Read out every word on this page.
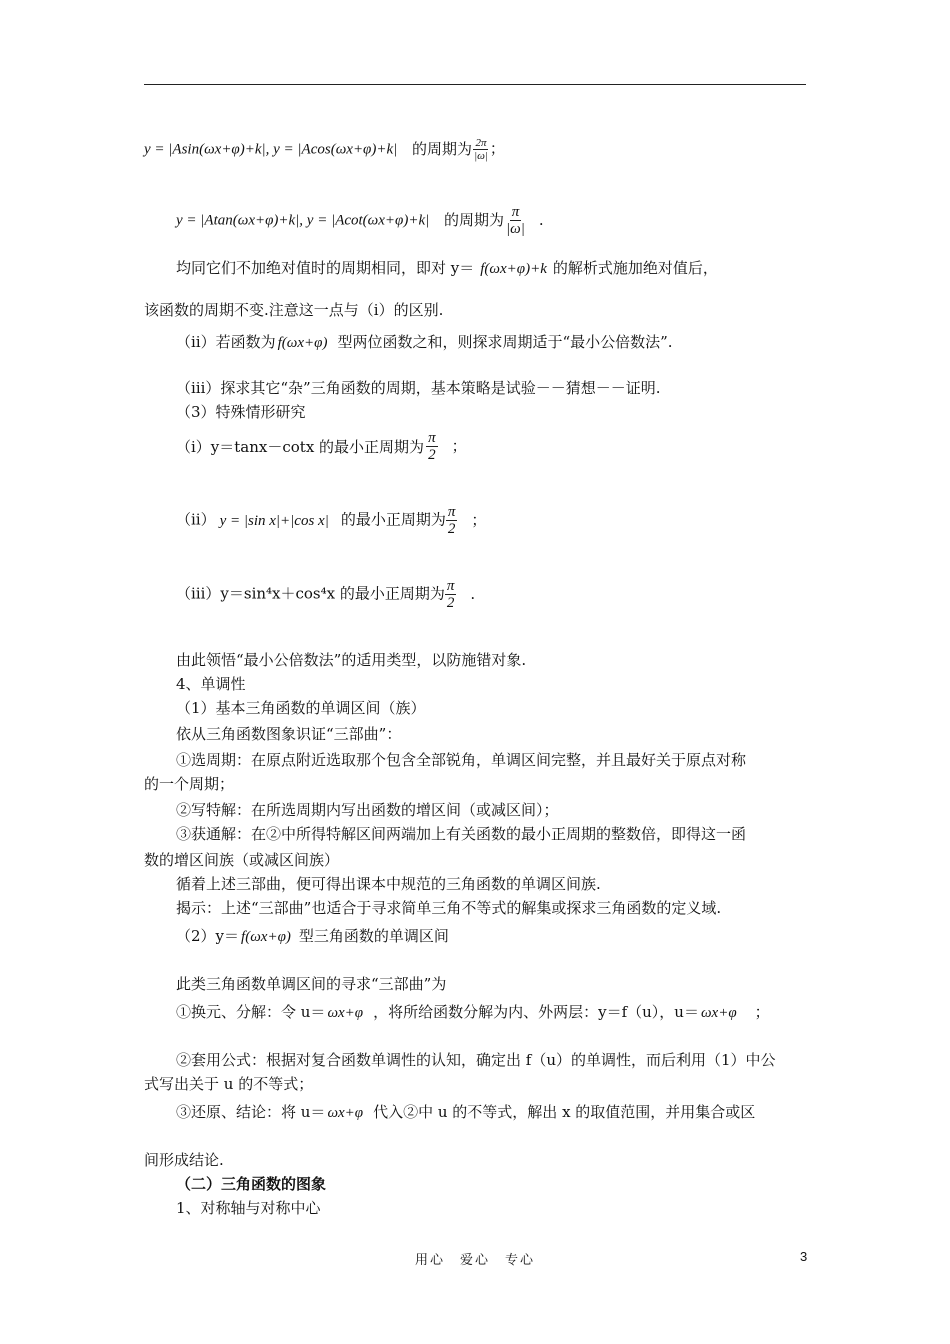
y = |Asin(ωx+φ)+k|, y = |Acos(ωx+φ)+k| 的周期为 $\frac{2\pi}{|\omega|}$ ；
y = |Atan(ωx+φ)+k|, y = |Acot(ωx+φ)+k| 的周期为 $\frac{\pi}{|\omega|}$ .
均同它们不加绝对值时的周期相同，即对 y＝ f(ωx+φ)+k 的解析式施加绝对值后，
该函数的周期不变.注意这一点与（ⅰ）的区别.
（ⅱ）若函数为 f(ωx+φ) 型两位函数之和，则探求周期适于“最小公倍数法”.
（ⅲ）探求其它“杂”三角函数的周期，基本策略是试验－－猜想－－证明.
（3）特殊情形研究
（ⅰ）y＝tanx－cotx 的最小正周期为 $\frac{\pi}{2}$ ；
（ⅱ） y = |sin x|+|cos x| 的最小正周期为 $\frac{\pi}{2}$ ；
（ⅲ）y＝sin⁴x＋cos⁴x 的最小正周期为 $\frac{\pi}{2}$ .
由此领悟“最小公倍数法”的适用类型，以防施错对象.
4、单调性
（1）基本三角函数的单调区间（族）
依从三角函数图象识证“三部曲”：
①选周期：在原点附近选取那个包含全部锐角，单调区间完整，并且最好关于原点对称
的一个周期；
②写特解：在所选周期内写出函数的增区间（或减区间）；
③获通解：在②中所得特解区间两端加上有关函数的最小正周期的整数倍，即得这一函
数的增区间族（或减区间族）
循着上述三部曲，便可得出课本中规范的三角函数的单调区间族.
揭示：上述“三部曲”也适合于寻求简单三角不等式的解集或探求三角函数的定义域.
（2）y＝ f(ωx+φ) 型三角函数的单调区间
此类三角函数单调区间的寻求“三部曲”为
①换元、分解：令 u＝ ωx+φ ，将所给函数分解为内、外两层：y＝f（u），u＝ ωx+φ ；
②套用公式：根据对复合函数单调性的认知，确定出 f（u）的单调性，而后利用（1）中公
式写出关于 u 的不等式；
③还原、结论：将 u＝ ωx+φ 代入②中 u 的不等式，解出 x 的取值范围，并用集合或区
间形成结论.
（二）三角函数的图象
1、对称轴与对称中心
用心　爱心　专心	3
